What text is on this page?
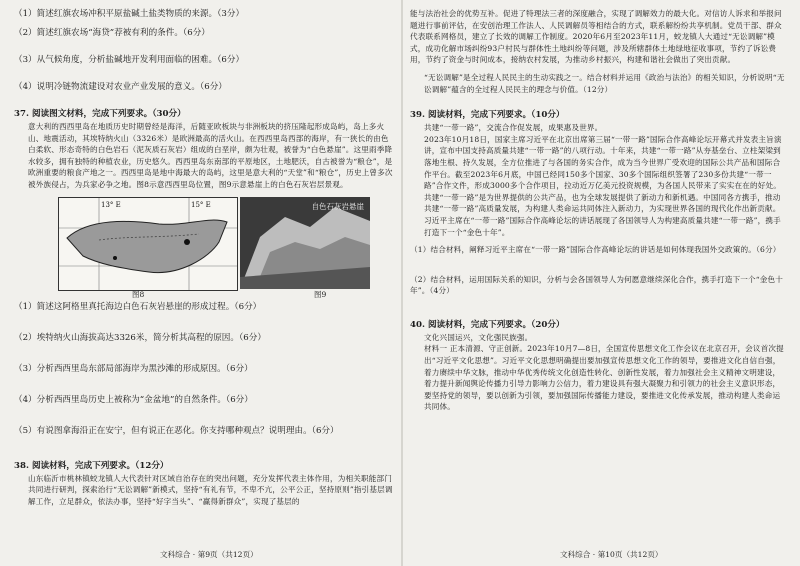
（1）简述红旗农场冲积平原盐碱土盐类物质的来源。（3分）
（2）简述红旗农场“海贷”荐被有利的条件。（6分）
（3）从气候角度，分析盐碱地开发利用面临的困难。（6分）
（4）说明冷链物流建设对农业产业发展的意义。（6分）
37. 阅读图文材料，完成下列要求。（30分）
意大利的西西里岛在地质历史时期曾经是海洋，后随亚欧板块与非洲板块的挤压隆起形成岛屿，岛上多火山、地震活动，其埃特纳火山（3326米）是欧洲最高的活火山。在西西里岛西部的海岸，有一狭长的由色白柔软、形态奇特的白色岩石（泥灰质石灰岩）组成的白垩岸，颇为壮观，被誉为“白色悬崖”。这里雨季降水较多，拥有独特的种植农业，历史悠久。西西里岛东南部的平原地区，土地肥沃，自古被誉为“粮仓”，是欧洲重要的粮食产地之一。西西里岛是地中海最大的岛屿，这里是意大利的“天堂”和“粮仓”，历史上曾多次被外族侵占，为兵家必争之地。图8示意西西里岛位置，图9示意悬崖上的白色石灰岩层景观。
13° E	15° E	自色石灰岩悬崖
图8	图9
（1）简述这阿格里真托海边白色石灰岩悬崖的形成过程。（6分）
（2）埃特纳火山海拔高达3326米，简分析其高程的原因。（6分）
（3）分析西西里岛东部局部海岸为黑沙滩的形成原因。（6分）
（4）分析西西里岛历史上被称为“金盆地”的自然条件。（6分）
（5）有说图拿海沿正在安宁，但有说正在恶化。你支持哪种观点？说明理由。（6分）
38. 阅读材料，完成下列要求。（12分）
山东临沂市桃林镇蛟龙镇人大代表针对区域自治存在的突出问题，充分发挥代表主体作用，为相关职能部门共同进行研判，探索治行“无讼调解”新模式，坚持“有礼有节，不卑不亢，公平公正，坚持原则”指引基层调解工作，立足群众，依法办事，坚持“好字当头”、“赢得新群众”，实现了基层的
文科综合 · 第9页（共12页）
能与法治社会的优势互补。促进了特理法三者的深度融合，实现了调解效力的最大化。对信访人诉求和举报问题进行事前评估，在安创治理工作法人、人民调解员等相结合的方式，联系解纷纷共享机制。党员干部、群众代表联系网格员，建立了长效的调解工作制度。2020年6月至2023年11月，蛟龙镇人大通过“无讼调解”模式，成功化解市场纠纷93户村民与群体性土地纠纷等问题，涉及所辖群体土地绿地征收事项，节约了诉讼费用，节约了资金与时间成本，接纳农村发展，为推动乡村振兴，构建和谐社会做出了突出贡献。
“无讼调解”是全过程人民民主的生动实践之一。结合材料并运用《政治与法治》的相关知识，分析说明“无讼调解”蕴含的全过程人民民主的理念与价值。（12分）
39. 阅读材料，完成下列要求。（10分）
共建“一带一路”，交流合作促发展，成果惠及世界。
2023年10月18日，国家主席习近平在北京出席第三届“一带一路”国际合作高峰论坛开幕式并发表主旨演讲，宣布中国支持高质量共建“一带一路”的八项行动。十年来，共建“一带一路”从夯基垒台、立柱架梁到落地生根、持久发展，全方位推进了与各国的务实合作，成为当今世界广受欢迎的国际公共产品和国际合作平台。截至2023年6月底，中国已经同150多个国家、30多个国际组织签署了230多份共建“一带一路”合作文件，形成3000多个合作项目，拉动近万亿美元投资规模，为各国人民带来了实实在在的好处。共建“一带一路”是为世界提供的公共产品，也为全球发展提供了新动力和新机遇。中国同各方携手，推动共建“一带一路”高质量发展，为构建人类命运共同体注入新动力，为实现世界各国的现代化作出新贡献。
习近平主席在“一带一路”国际合作高峰论坛的讲话展现了各国领导人为构建高质量共建“一带一路”，携手打造下一个“金色十年”。
（1）结合材料，阐释习近平主席在“一带一路”国际合作高峰论坛的讲话是如何体现我国外交政策的。（6分）
（2）结合材料，运用国际关系的知识，分析与会各国领导人为何愿意继续深化合作，携手打造下一个“金色十年”。（4分）
40. 阅读材料，完成下列要求。（20分）
文化兴国运兴，文化强民族强。
材料一 正本清源、守正创新。2023年10月7—8日，全国宣传思想文化工作会议在北京召开，会议首次提出“习近平文化思想”。习近平文化思想明确提出要加强宣传思想文化工作的领导，要推进文化自信自强，着力赓续中华文脉，推动中华优秀传统文化创造性转化、创新性发展，着力加强社会主义精神文明建设，着力提升新闻舆论传播力引导力影响力公信力，着力建设具有强大凝聚力和引领力的社会主义意识形态，要坚持党的领导，要以创新为引领，要加强国际传播能力建设，要推进文化传承发展，推动构建人类命运共同体。
文科综合 · 第10页（共12页）
